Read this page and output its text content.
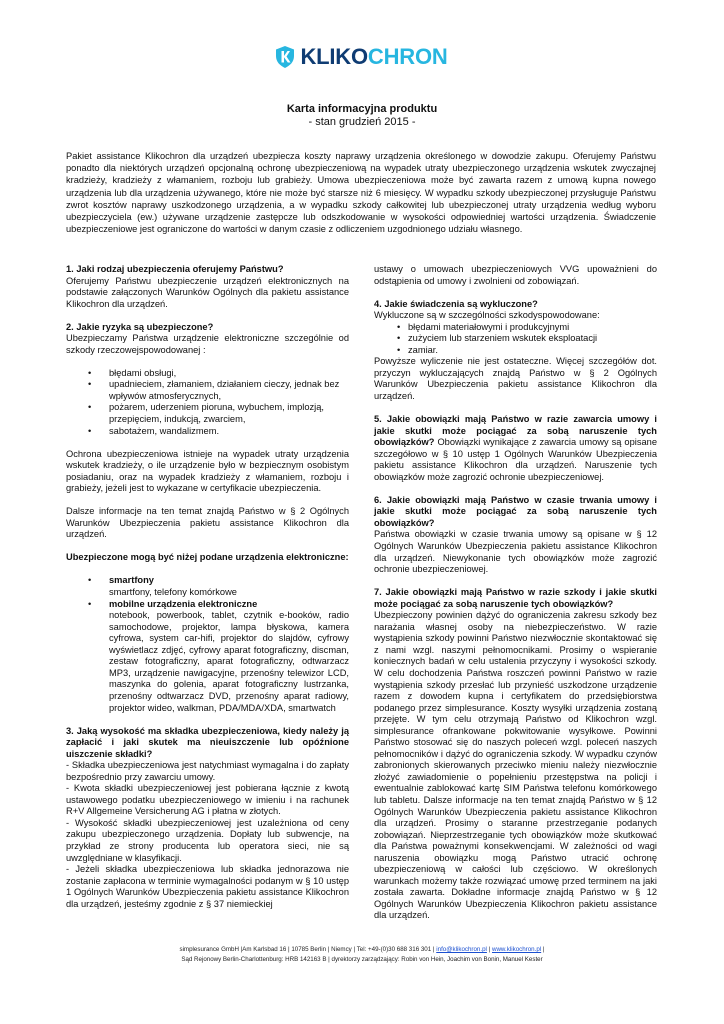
KLIKOCHRON
Karta informacyjna produktu
- stan grudzień 2015 -

Pakiet assistance Klikochron dla urządzeń ubezpiecza koszty naprawy urządzenia określonego w dowodzie zakupu. Oferujemy Państwu ponadto dla niektórych urządzeń opcjonalną ochronę ubezpieczeniową na wypadek utraty ubezpieczonego urządzenia wskutek zwyczajnej kradzieży, kradzieży z włamaniem, rozboju lub grabieży. Umowa ubezpieczeniowa może być zawarta razem z umową kupna nowego urządzenia lub dla urządzenia używanego, które nie może być starsze niż 6 miesięcy. W wypadku szkody ubezpieczonej przysługuje Państwu zwrot kosztów naprawy uszkodzonego urządzenia, a w wypadku szkody całkowitej lub ubezpieczonej utraty urządzenia według wyboru ubezpieczyciela (ew.) używane urządzenie zastępcze lub odszkodowanie w wysokości odpowiedniej wartości urządzenia. Świadczenie ubezpieczeniowe jest ograniczone do wartości w danym czasie z odliczeniem uzgodnionego udziału własnego.

1. Jaki rodzaj ubezpieczenia oferujemy Państwu?

Oferujemy Państwu ubezpieczenie urządzeń elektronicznych na podstawie załączonych Warunków Ogólnych dla pakietu assistance Klikochron dla urządzeń.

2. Jakie ryzyka są ubezpieczone?

Ubezpieczamy Państwa urządzenie elektroniczne szczególnie od szkody rzeczowejspowodowanej :

• błędami obsługi,
• upadnieciem, złamaniem, działaniem cieczy, jednak bez wpływów atmosferycznych,
• pożarem, uderzeniem pioruna, wybuchem, implozją, przepięciem, indukcją, zwarciem,
• sabotażem, wandalizmem.

Ochrona ubezpieczeniowa istnieje na wypadek utraty urządzenia wskutek kradzieży, o ile urządzenie było w bezpiecznym osobistym posiadaniu, oraz na wypadek kradzieży z włamaniem, rozboju i grabieży, jeżeli jest to wykazane w certyfikacie ubezpieczenia.

Dalsze informacje na ten temat znajdą Państwo w § 2 Ogólnych Warunków Ubezpieczenia pakietu assistance Klikochron dla urządzeń.

Ubezpieczone mogą być niżej podane urządzenia elektroniczne:

• smartfony
smartfony, telefony komórkowe
• mobilne urządzenia elektroniczne
notebook, powerbook, tablet, czytnik e-booków, radio samochodowe, projektor, lampa błyskowa, kamera cyfrowa, system car-hifi, projektor do slajdów, cyfrowy wyświetlacz zdjęć, cyfrowy aparat fotograficzny, discman, zestaw fotograficzny, aparat fotograficzny, odtwarzacz MP3, urządzenie nawigacyjne, przenośny telewizor LCD, maszynka do golenia, aparat fotograficzny lustrzanka, przenośny odtwarzacz DVD, przenośny aparat radiowy, projektor wideo, walkman, PDA/MDA/XDA, smartwatch
3. Jaką wysokość ma składka ubezpieczeniowa, kiedy należy ją zapłacić i jaki skutek ma nieuiszczenie lub opóźnione uiszczenie składki?

- Składka ubezpieczeniowa jest natychmiast wymagalna i do zapłaty bezpośrednio przy zawarciu umowy.

- Kwota składki ubezpieczeniowej jest pobierana łącznie z kwotą ustawowego podatku ubezpieczeniowego w imieniu i na rachunek R+V Allgemeine Versicherung AG i płatna w złotych.

- Wysokość składki ubezpieczeniowej jest uzależniona od ceny zakupu ubezpieczonego urządzenia. Dopłaty lub subwencje, na przykład ze strony producenta lub operatora sieci, nie są uwzględniane w klasyfikacji.

- Jeżeli składka ubezpieczeniowa lub składka jednorazowa nie zostanie zapłacona w terminie wymagalności podanym w § 10 ustęp 1 Ogólnych Warunków Ubezpieczenia pakietu assistance Klikochron dla urządzeń, jesteśmy zgodnie z § 37 niemieckiej

ustawy o umowach ubezpieczeniowych VVG upoważnieni do odstąpienia od umowy i zwolnieni od zobowiązań.

4. Jakie świadczenia są wykluczone?

Wykluczone są w szczególności szkodyspowodowane:

• błędami materiałowymi i produkcyjnymi
• zużyciem lub starzeniem wskutek eksploatacji
• zamiar.

Powyższe wyliczenie nie jest ostateczne. Więcej szczegółów dot. przyczyn wykluczających znajdą Państwo w § 2 Ogólnych Warunków Ubezpieczenia pakietu assistance Klikochron dla urządzeń.

5. Jakie obowiązki mają Państwo w razie zawarcia umowy i jakie skutki może pociągać za sobą naruszenie tych obowiązków? Obowiązki wynikające z zawarcia umowy są opisane szczegółowo w § 10 ustęp 1 Ogólnych Warunków Ubezpieczenia pakietu assistance Klikochron dla urządzeń. Naruszenie tych obowiązków może zagrozić ochronie ubezpieczeniowej.

6. Jakie obowiązki mają Państwo w czasie trwania umowy i jakie skutki może pociągać za sobą naruszenie tych obowiązków?

Państwa obowiązki w czasie trwania umowy są opisane w § 12 Ogólnych Warunków Ubezpieczenia pakietu assistance Klikochron dla urządzeń. Niewykonanie tych obowiązków może zagrozić ochronie ubezpieczeniowej.

7. Jakie obowiązki mają Państwo w razie szkody i jakie skutki może pociągać za sobą naruszenie tych obowiązków?

Ubezpieczony powinien dążyć do ograniczenia zakresu szkody bez narażania własnej osoby na niebezpieczeństwo. W razie wystąpienia szkody powinni Państwo niezwłocznie skontaktować się z nami wzgl. naszymi pełnomocnikami. Prosimy o wspieranie koniecznych badań w celu ustalenia przyczyny i wysokości szkody. W celu dochodzenia Państwa roszczeń powinni Państwo w razie wystąpienia szkody przesłać lub przynieść uszkodzone urządzenie razem z dowodem kupna i certyfikatem do przedsiębiorstwa podanego przez simplesurance. Koszty wysyłki urządzenia zostaną przejęte. W tym celu otrzymają Państwo od Klikochron wzgl. simplesurance ofrankowane pokwitowanie wysyłkowe. Powinni Państwo stosować się do naszych poleceń wzgl. poleceń naszych pełnomocników i dążyć do ograniczenia szkody. W wypadku czynów zabronionych skierowanych przeciwko mieniu należy niezwłocznie złożyć zawiadomienie o popełnieniu przestępstwa na policji i ewentualnie zablokować kartę SIM Państwa telefonu komórkowego lub tabletu. Dalsze informacje na ten temat znajdą Państwo w § 12 Ogólnych Warunków Ubezpieczenia pakietu assistance Klikochron dla urządzeń. Prosimy o staranne przestrzeganie podanych zobowiązań. Nieprzestrzeganie tych obowiązków może skutkować dla Państwa poważnymi konsekwencjami. W zależności od wagi naruszenia obowiązku mogą Państwo utracić ochronę ubezpieczeniową w całości lub częściowo. W określonych warunkach możemy także rozwiązać umowę przed terminem na jaki została zawarta. Dokładne informacje znajdą Państwo w § 12 Ogólnych Warunków Ubezpieczenia Klikochron pakietu assistance dla urządzeń.

simplesurance GmbH |Am Karlsbad 16 | 10785 Berlin | Niemcy | Tel: +49-(0)30 688 316 301 | info@klikochron.pl | www.klikochron.pl |
Sąd Rejonowy Berlin-Charlottenburg: HRB 142163 B | dyrektorzy zarządzający: Robin von Hein, Joachim von Bonin, Manuel Kester
